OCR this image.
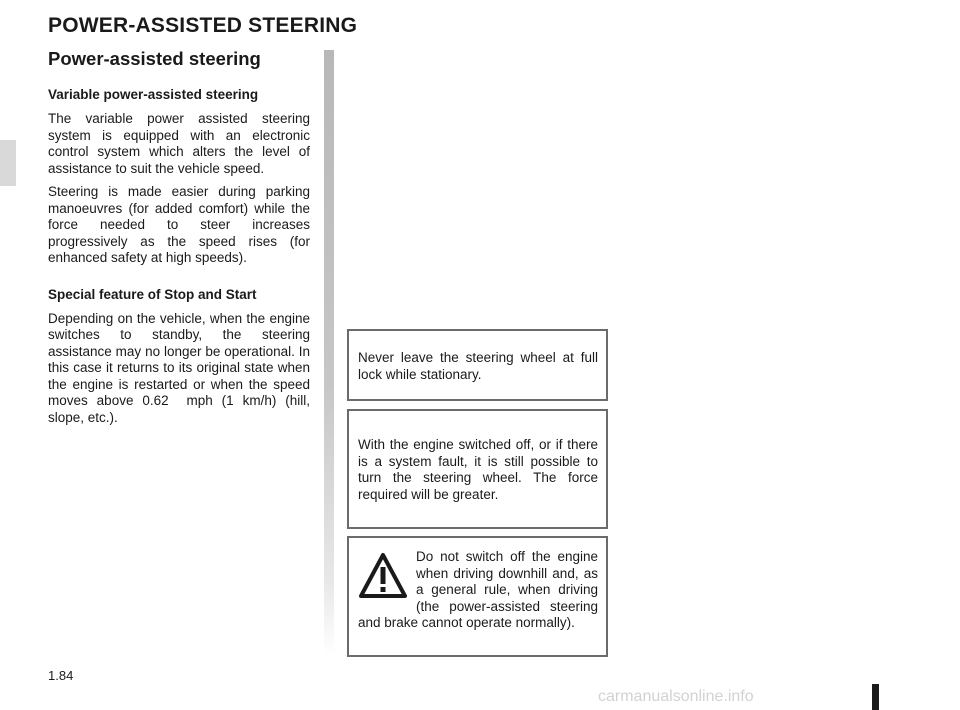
POWER-ASSISTED STEERING
Power-assisted steering
Variable power-assisted steering

The variable power assisted steering system is equipped with an electronic control system which alters the level of assistance to suit the vehicle speed.

Steering is made easier during parking manoeuvres (for added comfort) while the force needed to steer increases progressively as the speed rises (for enhanced safety at high speeds).

Special feature of Stop and Start

Depending on the vehicle, when the engine switches to standby, the steering assistance may no longer be operational. In this case it returns to its original state when the engine is restarted or when the speed moves above 0.62  mph (1 km/h) (hill, slope, etc.).

Never leave the steering wheel at full lock while stationary.

With the engine switched off, or if there is a system fault, it is still possible to turn the steering wheel. The force required will be greater.

Do not switch off the engine when driving downhill and, as a general rule, when driving (the power-assisted steering and brake cannot operate normally).

1.84
carmanualsonline.info
